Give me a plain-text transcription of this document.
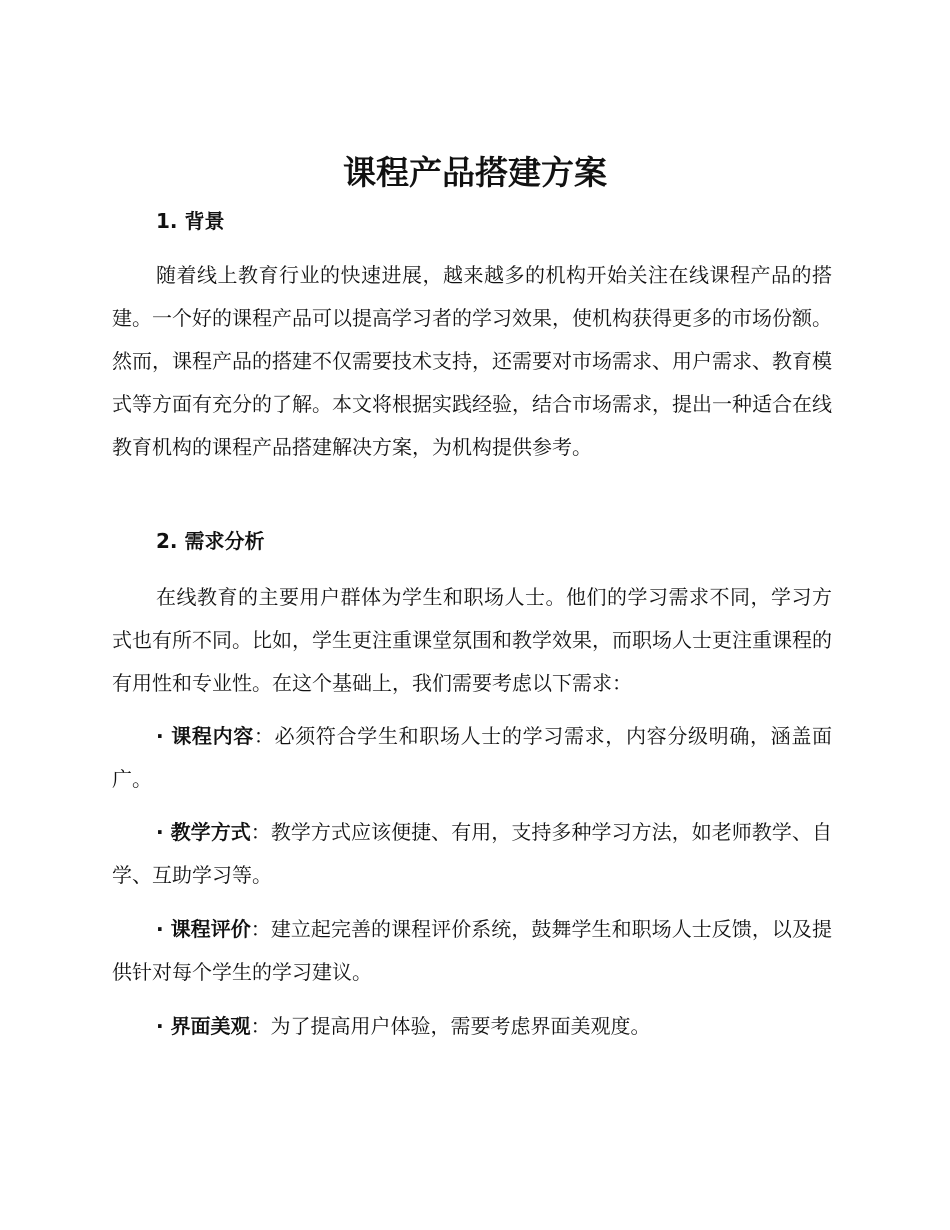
课程产品搭建方案
1. 背景

随着线上教育行业的快速进展，越来越多的机构开始关注在线课程产品的搭建。一个好的课程产品可以提高学习者的学习效果，使机构获得更多的市场份额。然而，课程产品的搭建不仅需要技术支持，还需要对市场需求、用户需求、教育模式等方面有充分的了解。本文将根据实践经验，结合市场需求，提出一种适合在线教育机构的课程产品搭建解决方案，为机构提供参考。

2. 需求分析

在线教育的主要用户群体为学生和职场人士。他们的学习需求不同，学习方式也有所不同。比如，学生更注重课堂氛围和教学效果，而职场人士更注重课程的有用性和专业性。在这个基础上，我们需要考虑以下需求：

· 课程内容：必须符合学生和职场人士的学习需求，内容分级明确，涵盖面广。

· 教学方式：教学方式应该便捷、有用，支持多种学习方法，如老师教学、自学、互助学习等。

· 课程评价：建立起完善的课程评价系统，鼓舞学生和职场人士反馈，以及提供针对每个学生的学习建议。

· 界面美观：为了提高用户体验，需要考虑界面美观度。
